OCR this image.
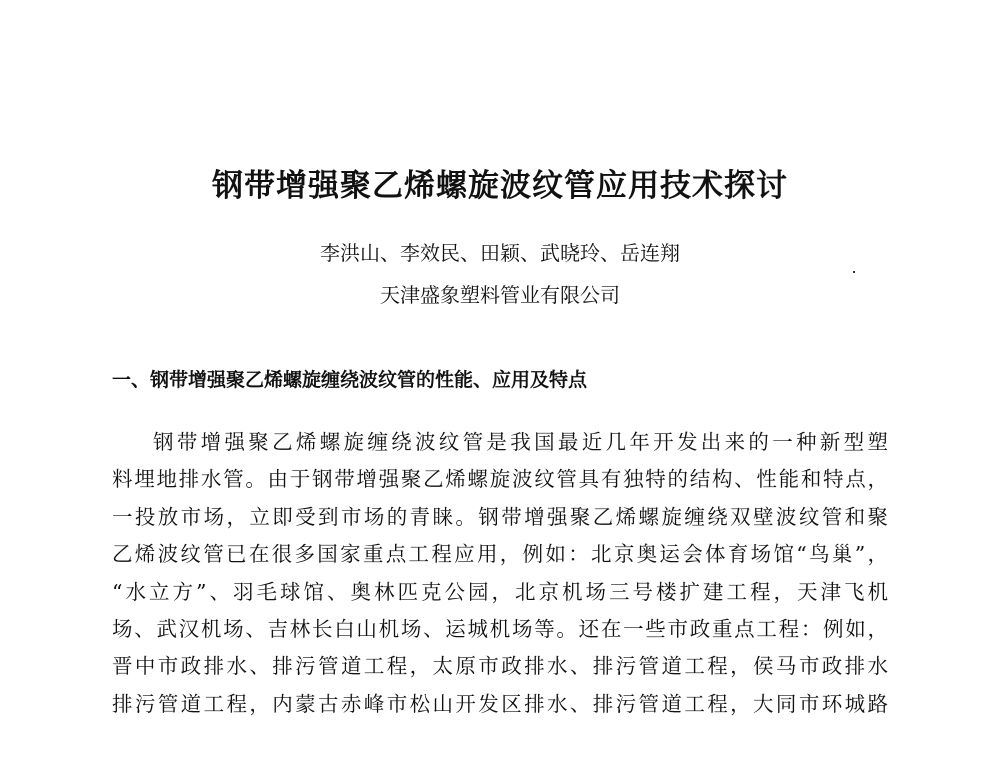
钢带增强聚乙烯螺旋波纹管应用技术探讨
李洪山、李效民、田颖、武晓玲、岳连翔
天津盛象塑料管业有限公司
一、钢带增强聚乙烯螺旋缠绕波纹管的性能、应用及特点
钢带增强聚乙烯螺旋缠绕波纹管是我国最近几年开发出来的一种新型塑
料埋地排水管。由于钢带增强聚乙烯螺旋波纹管具有独特的结构、性能和特点，
一投放市场，立即受到市场的青睐。钢带增强聚乙烯螺旋缠绕双壁波纹管和聚
乙烯波纹管已在很多国家重点工程应用，例如：北京奥运会体育场馆“鸟巢”，
“水立方”、羽毛球馆、奥林匹克公园，北京机场三号楼扩建工程，天津飞机
场、武汉机场、吉林长白山机场、运城机场等。还在一些市政重点工程：例如，
晋中市政排水、排污管道工程，太原市政排水、排污管道工程，侯马市政排水
排污管道工程，内蒙古赤峰市松山开发区排水、排污管道工程，大同市环城路
